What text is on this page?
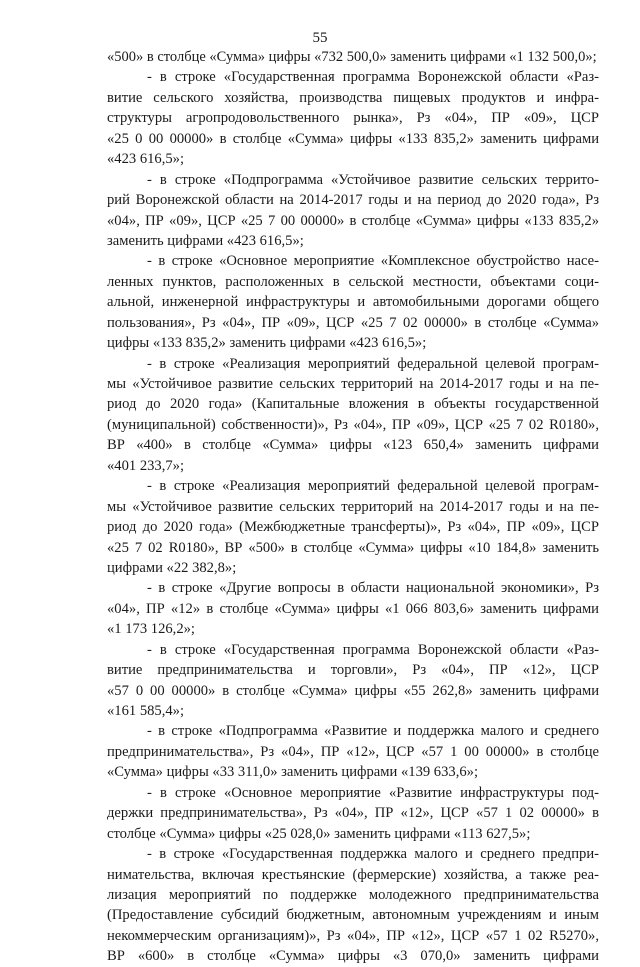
55
«500» в столбце «Сумма» цифры «732 500,0» заменить цифрами «1 132 500,0»;
- в строке «Государственная программа Воронежской области «Раз-
витие сельского хозяйства, производства пищевых продуктов и инфра-
структуры агропродовольственного рынка», Рз «04», ПР «09», ЦСР
«25 0 00 00000» в столбце «Сумма» цифры «133 835,2» заменить цифрами
«423 616,5»;
- в строке «Подпрограмма «Устойчивое развитие сельских террито-
рий Воронежской области на 2014-2017 годы и на период до 2020 года», Рз
«04», ПР «09», ЦСР «25 7 00 00000» в столбце «Сумма» цифры «133 835,2»
заменить цифрами «423 616,5»;
- в строке «Основное мероприятие «Комплексное обустройство насе-
ленных пунктов, расположенных в сельской местности, объектами соци-
альной, инженерной инфраструктуры и автомобильными дорогами общего
пользования», Рз «04», ПР «09», ЦСР «25 7 02 00000» в столбце «Сумма»
цифры «133 835,2» заменить цифрами «423 616,5»;
- в строке «Реализация мероприятий федеральной целевой програм-
мы «Устойчивое развитие сельских территорий на 2014-2017 годы и на пе-
риод до 2020 года» (Капитальные вложения в объекты государственной
(муниципальной) собственности)», Рз «04», ПР «09», ЦСР «25 7 02 R0180»,
ВР «400» в столбце «Сумма» цифры «123 650,4» заменить цифрами
«401 233,7»;
- в строке «Реализация мероприятий федеральной целевой програм-
мы «Устойчивое развитие сельских территорий на 2014-2017 годы и на пе-
риод до 2020 года» (Межбюджетные трансферты)», Рз «04», ПР «09», ЦСР
«25 7 02 R0180», ВР «500» в столбце «Сумма» цифры «10 184,8» заменить
цифрами «22 382,8»;
- в строке «Другие вопросы в области национальной экономики», Рз
«04», ПР «12» в столбце «Сумма» цифры «1 066 803,6» заменить цифрами
«1 173 126,2»;
- в строке «Государственная программа Воронежской области «Раз-
витие предпринимательства и торговли», Рз «04», ПР «12», ЦСР
«57 0 00 00000» в столбце «Сумма» цифры «55 262,8» заменить цифрами
«161 585,4»;
- в строке «Подпрограмма «Развитие и поддержка малого и среднего
предпринимательства», Рз «04», ПР «12», ЦСР «57 1 00 00000» в столбце
«Сумма» цифры «33 311,0» заменить цифрами «139 633,6»;
- в строке «Основное мероприятие «Развитие инфраструктуры под-
держки предпринимательства», Рз «04», ПР «12», ЦСР «57 1 02 00000» в
столбце «Сумма» цифры «25 028,0» заменить цифрами «113 627,5»;
- в строке «Государственная поддержка малого и среднего предпри-
нимательства, включая крестьянские (фермерские) хозяйства, а также реа-
лизация мероприятий по поддержке молодежного предпринимательства
(Предоставление субсидий бюджетным, автономным учреждениям и иным
некоммерческим организациям)», Рз «04», ПР «12», ЦСР «57 1 02 R5270»,
ВР «600» в столбце «Сумма» цифры «3 070,0» заменить цифрами
